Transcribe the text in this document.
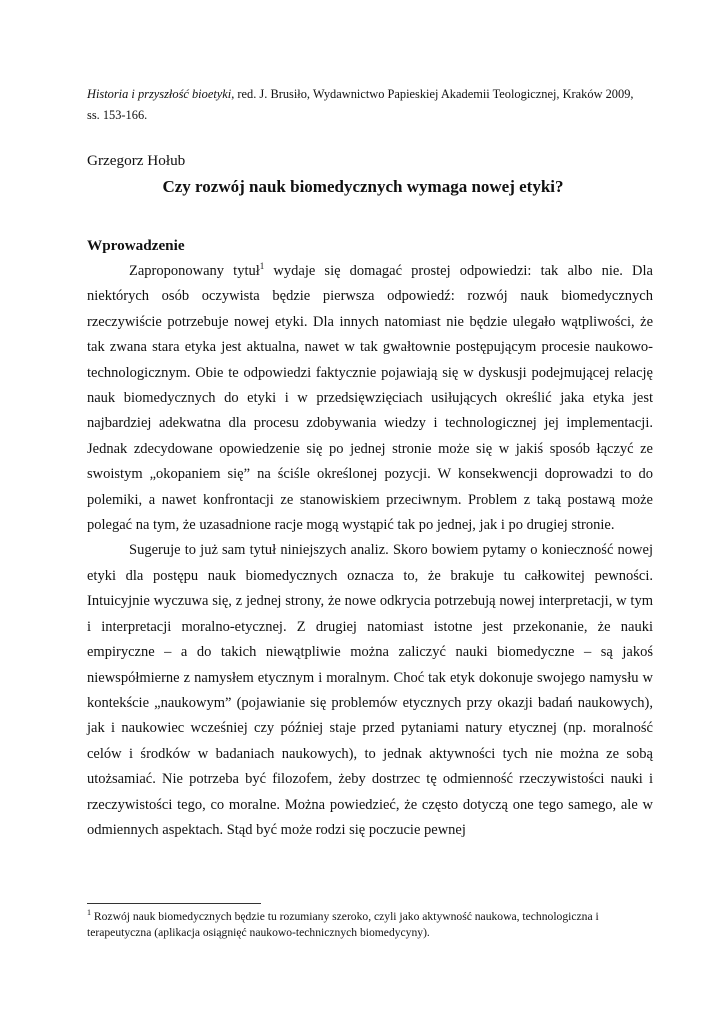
Historia i przyszłość bioetyki, red. J. Brusiło, Wydawnictwo Papieskiej Akademii Teologicznej, Kraków 2009, ss. 153-166.
Grzegorz Hołub
Czy rozwój nauk biomedycznych wymaga nowej etyki?
Wprowadzenie

Zaproponowany tytuł$^1$ wydaje się domagać prostej odpowiedzi: tak albo nie. Dla niektórych osób oczywista będzie pierwsza odpowiedź: rozwój nauk biomedycznych rzeczywiście potrzebuje nowej etyki. Dla innych natomiast nie będzie ulegało wątpliwości, że tak zwana stara etyka jest aktualna, nawet w tak gwałtownie postępującym procesie naukowo-technologicznym. Obie te odpowiedzi faktycznie pojawiają się w dyskusji podejmującej relację nauk biomedycznych do etyki i w przedsięwzięciach usiłujących określić jaka etyka jest najbardziej adekwatna dla procesu zdobywania wiedzy i technologicznej jej implementacji. Jednak zdecydowane opowiedzenie się po jednej stronie może się w jakiś sposób łączyć ze swoistym „okopaniem się” na ściśle określonej pozycji. W konsekwencji doprowadzi to do polemiki, a nawet konfrontacji ze stanowiskiem przeciwnym. Problem z taką postawą może polegać na tym, że uzasadnione racje mogą wystąpić tak po jednej, jak i po drugiej stronie.

Sugeruje to już sam tytuł niniejszych analiz. Skoro bowiem pytamy o konieczność nowej etyki dla postępu nauk biomedycznych oznacza to, że brakuje tu całkowitej pewności. Intuicyjnie wyczuwa się, z jednej strony, że nowe odkrycia potrzebują nowej interpretacji, w tym i interpretacji moralno-etycznej. Z drugiej natomiast istotne jest przekonanie, że nauki empiryczne – a do takich niewątpliwie można zaliczyć nauki biomedyczne – są jakoś niewspółmierne z namysłem etycznym i moralnym. Choć tak etyk dokonuje swojego namysłu w kontekście „naukowym” (pojawianie się problemów etycznych przy okazji badań naukowych), jak i naukowiec wcześniej czy później staje przed pytaniami natury etycznej (np. moralność celów i środków w badaniach naukowych), to jednak aktywności tych nie można ze sobą utożsamiać. Nie potrzeba być filozofem, żeby dostrzec tę odmienność rzeczywistości nauki i rzeczywistości tego, co moralne. Można powiedzieć, że często dotyczą one tego samego, ale w odmiennych aspektach. Stąd być może rodzi się poczucie pewnej

$^1$ Rozwój nauk biomedycznych będzie tu rozumiany szeroko, czyli jako aktywność naukowa, technologiczna i terapeutyczna (aplikacja osiągnięć naukowo-technicznych biomedycyny).
